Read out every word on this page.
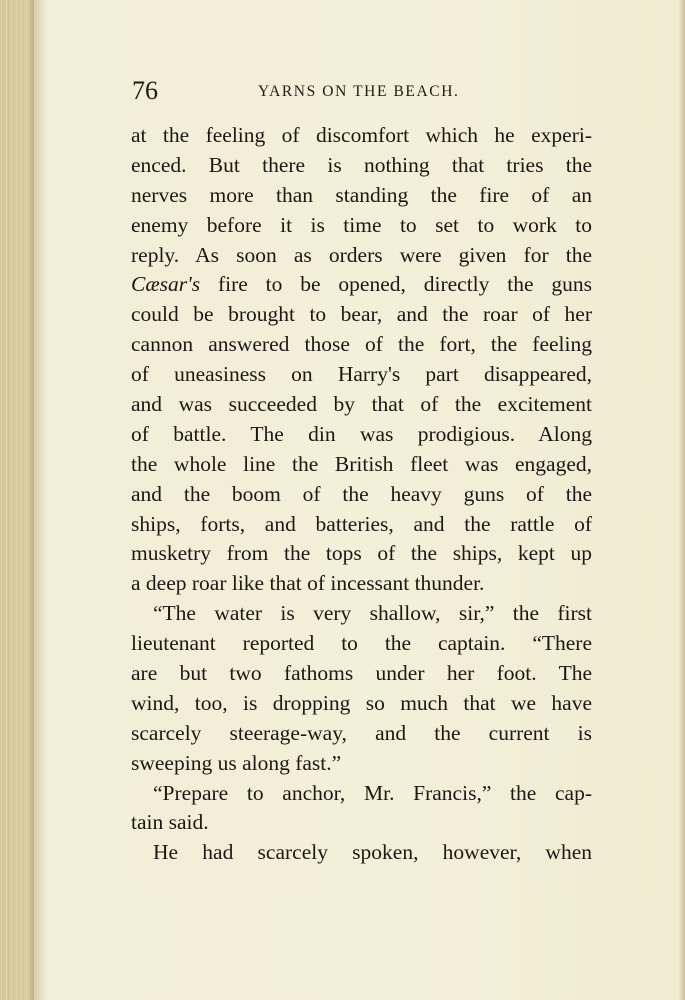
76	YARNS ON THE BEACH.
at the feeling of discomfort which he experi-
enced. But there is nothing that tries the
nerves more than standing the fire of an
enemy before it is time to set to work to
reply. As soon as orders were given for the
Cæsar's fire to be opened, directly the guns
could be brought to bear, and the roar of her
cannon answered those of the fort, the feeling
of uneasiness on Harry's part disappeared,
and was succeeded by that of the excitement
of battle. The din was prodigious. Along
the whole line the British fleet was engaged,
and the boom of the heavy guns of the
ships, forts, and batteries, and the rattle of
musketry from the tops of the ships, kept up
a deep roar like that of incessant thunder.
“The water is very shallow, sir,” the first
lieutenant reported to the captain. “There
are but two fathoms under her foot. The
wind, too, is dropping so much that we have
scarcely steerage-way, and the current is
sweeping us along fast.”
“Prepare to anchor, Mr. Francis,” the cap-
tain said.
He had scarcely spoken, however, when
